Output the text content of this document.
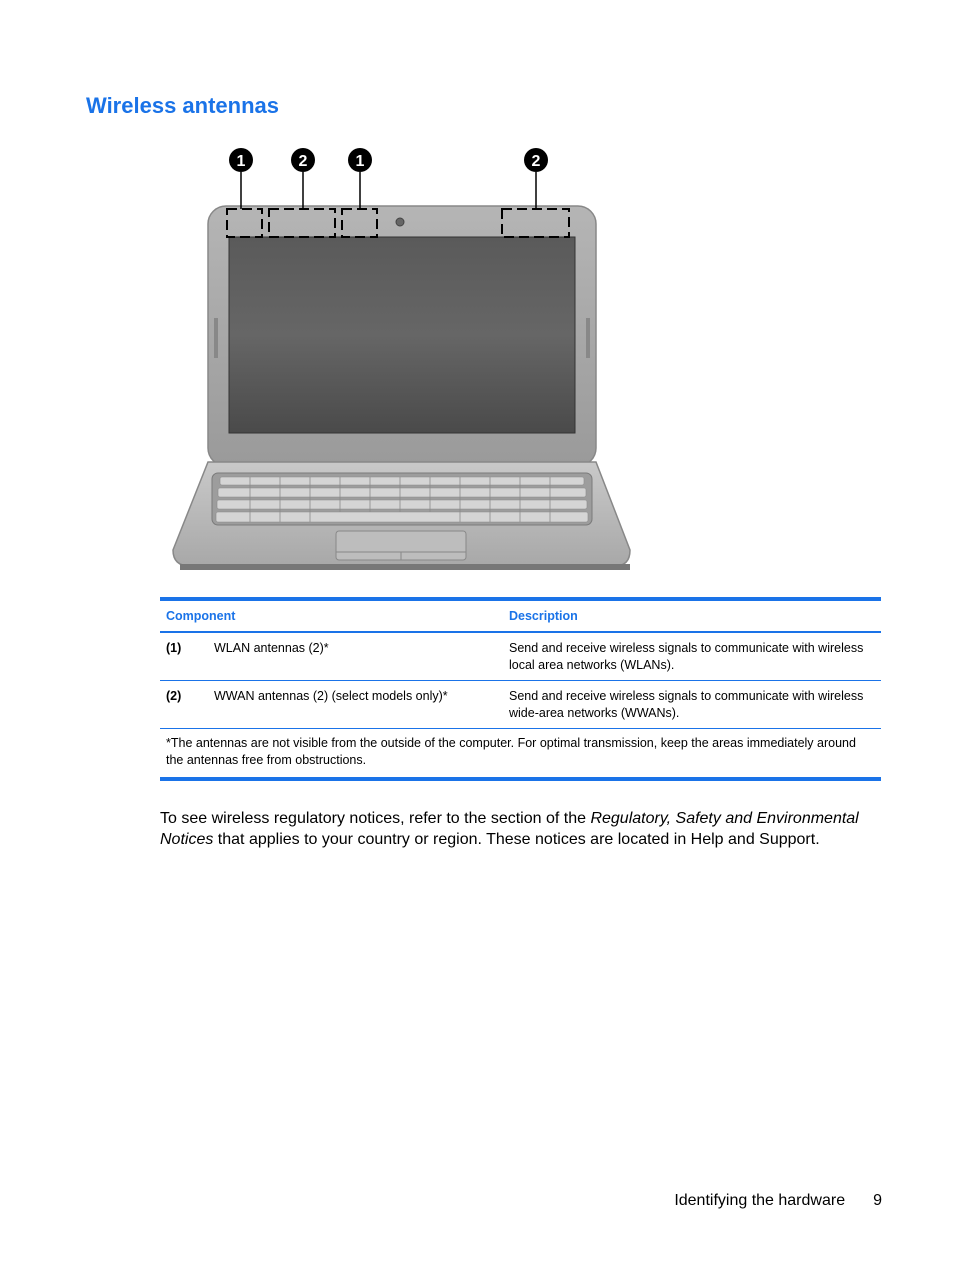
Wireless antennas
1	2	1	2
Component	Description
(1)	WLAN antennas (2)*	Send and receive wireless signals to communicate with wireless local area networks (WLANs).
(2)	WWAN antennas (2) (select models only)*	Send and receive wireless signals to communicate with wireless wide-area networks (WWANs).
*The antennas are not visible from the outside of the computer. For optimal transmission, keep the areas immediately around the antennas free from obstructions.

To see wireless regulatory notices, refer to the section of the Regulatory, Safety and Environmental Notices that applies to your country or region. These notices are located in Help and Support.

Identifying the hardware 9
